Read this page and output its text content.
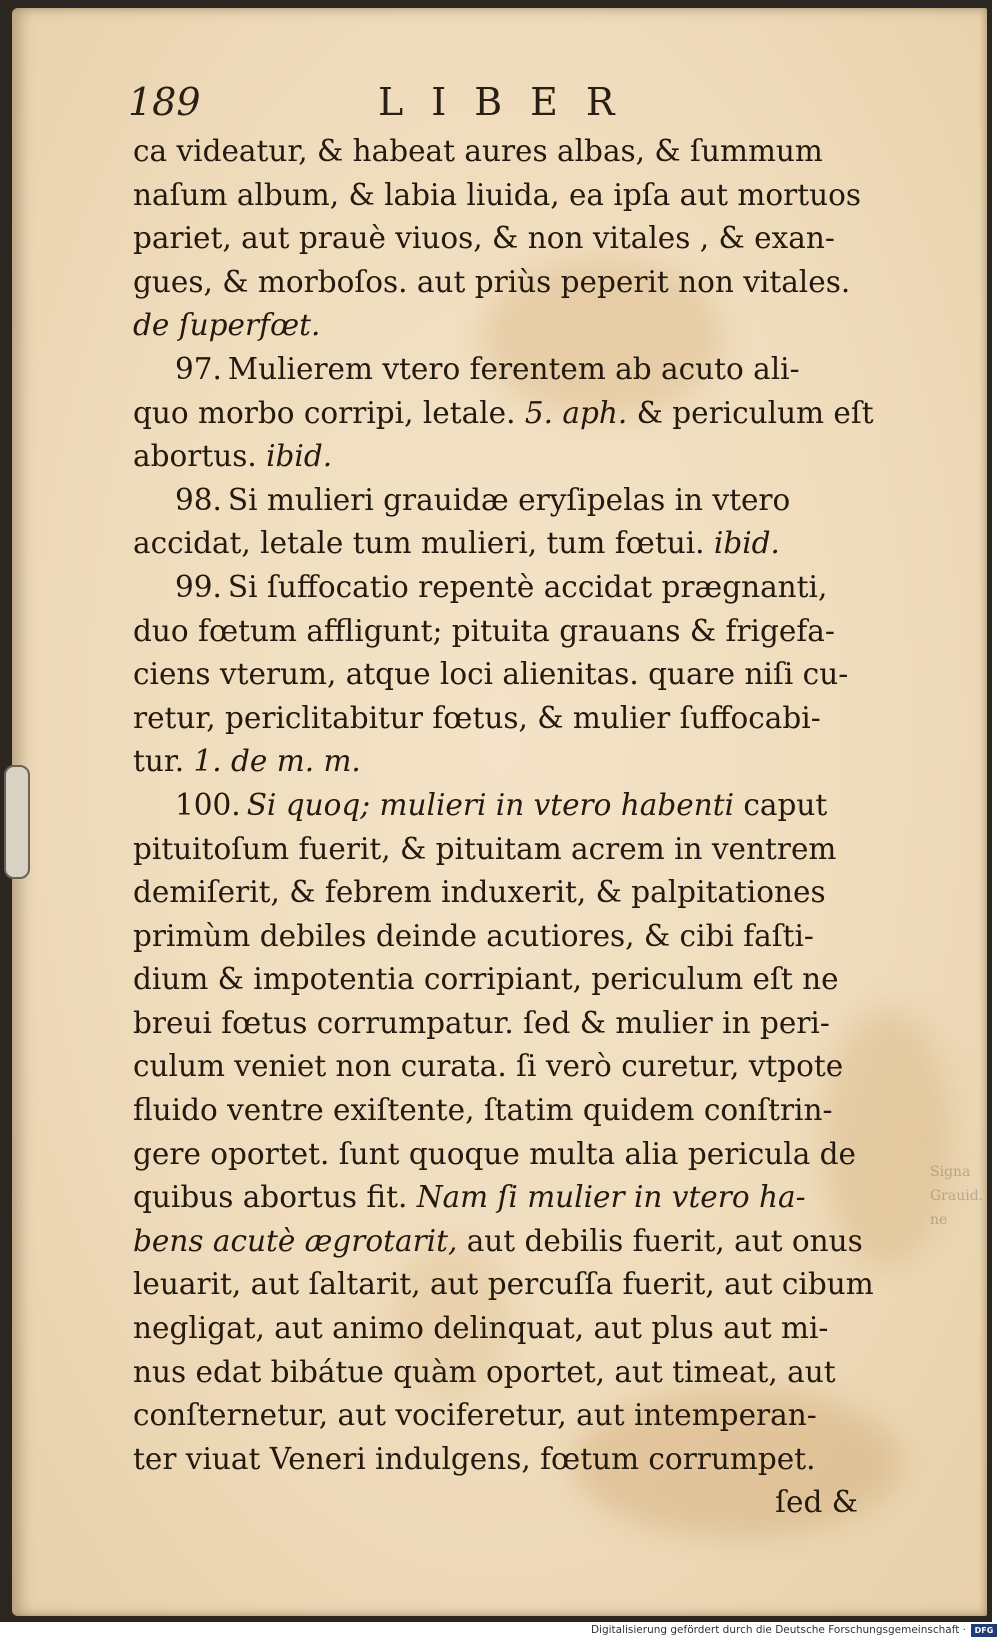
Signa
Grauid.
ne
189	LIBER
ca videatur, & habeat aures albas, & ſummum
naſum album, & labia liuida, ea ipſa aut mortuos
pariet, aut prauè viuos, & non vitales , & exan-
gues, & morboſos. aut priùs peperit non vitales.
de ſuperfœt.
97. Mulierem vtero ferentem ab acuto ali-
quo morbo corripi, letale. 5. aph. & periculum eſt
abortus. ibid.
98. Si mulieri grauidæ eryſipelas in vtero
accidat, letale tum mulieri, tum fœtui. ibid.
99. Si ſuffocatio repentè accidat prægnanti,
duo fœtum affligunt; pituita grauans & frigefa-
ciens vterum, atque loci alienitas. quare niſi cu-
retur, periclitabitur fœtus, & mulier ſuffocabi-
tur. 1. de m. m.
100. Si quoq; mulieri in vtero habenti caput
pituitoſum fuerit, & pituitam acrem in ventrem
demiſerit, & febrem induxerit, & palpitationes
primùm debiles deinde acutiores, & cibi faſti-
dium & impotentia corripiant, periculum eſt ne
breui fœtus corrumpatur. ſed & mulier in peri-
culum veniet non curata. ſi verò curetur, vtpote
fluido ventre exiſtente, ſtatim quidem conſtrin-
gere oportet. ſunt quoque multa alia pericula de
quibus abortus fit. Nam ſi mulier in vtero ha-
bens acutè ægrotarit, aut debilis fuerit, aut onus
leuarit, aut ſaltarit, aut percuſſa fuerit, aut cibum
negligat, aut animo delinquat, aut plus aut mi-
nus edat bibátue quàm oportet, aut timeat, aut
conſternetur, aut vociferetur, aut intemperan-
ter viuat Veneri indulgens, fœtum corrumpet.
ſed &
Digitalisierung gefördert durch die Deutsche Forschungsgemeinschaft ·	DFG
